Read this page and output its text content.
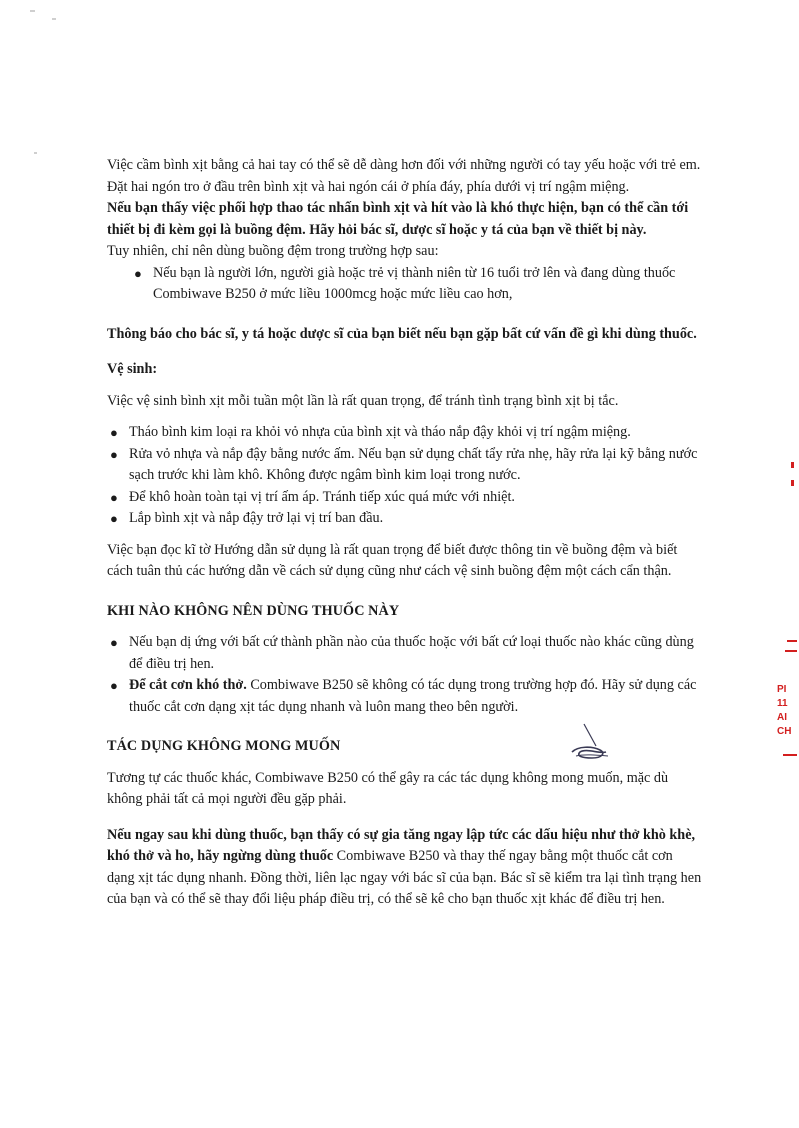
PI
11
AI
CH

Việc cầm bình xịt bằng cả hai tay có thể sẽ dễ dàng hơn đối với những người có tay yếu hoặc với trẻ em. Đặt hai ngón tro ở đầu trên bình xịt và hai ngón cái ở phía đáy, phía dưới vị trí ngậm miệng.

Nếu bạn thấy việc phối hợp thao tác nhấn bình xịt và hít vào là khó thực hiện, bạn có thể cần tới thiết bị đi kèm gọi là buồng đệm. Hãy hỏi bác sĩ, dược sĩ hoặc y tá của bạn về thiết bị này.

Tuy nhiên, chỉ nên dùng buồng đệm trong trường hợp sau:

● Nếu bạn là người lớn, người già hoặc trẻ vị thành niên từ 16 tuổi trở lên và đang dùng thuốc Combiwave B250 ở mức liều 1000mcg hoặc mức liều cao hơn,

Thông báo cho bác sĩ, y tá hoặc dược sĩ của bạn biết nếu bạn gặp bất cứ vấn đề gì khi dùng thuốc.

Vệ sinh:

Việc vệ sinh bình xịt mỗi tuần một lần là rất quan trọng, để tránh tình trạng bình xịt bị tắc.

● Tháo bình kim loại ra khỏi vỏ nhựa của bình xịt và tháo nắp đậy khỏi vị trí ngậm miệng.
● Rửa vỏ nhựa và nắp đậy bằng nước ấm. Nếu bạn sử dụng chất tẩy rửa nhẹ, hãy rửa lại kỹ bằng nước sạch trước khi làm khô. Không được ngâm bình kim loại trong nước.
● Để khô hoàn toàn tại vị trí ấm áp. Tránh tiếp xúc quá mức với nhiệt.
● Lắp bình xịt và nắp đậy trở lại vị trí ban đầu.

Việc bạn đọc kĩ tờ Hướng dẫn sử dụng là rất quan trọng để biết được thông tin về buồng đệm và biết cách tuân thủ các hướng dẫn về cách sử dụng cũng như cách vệ sinh buồng đệm một cách cẩn thận.

KHI NÀO KHÔNG NÊN DÙNG THUỐC NÀY

● Nếu bạn dị ứng với bất cứ thành phần nào của thuốc hoặc với bất cứ loại thuốc nào khác cũng dùng để điều trị hen.
● Để cắt cơn khó thở. Combiwave B250 sẽ không có tác dụng trong trường hợp đó. Hãy sử dụng các thuốc cắt cơn dạng xịt tác dụng nhanh và luôn mang theo bên người.

TÁC DỤNG KHÔNG MONG MUỐN

Tương tự các thuốc khác, Combiwave B250 có thể gây ra các tác dụng không mong muốn, mặc dù không phải tất cả mọi người đều gặp phải.

Nếu ngay sau khi dùng thuốc, bạn thấy có sự gia tăng ngay lập tức các dấu hiệu như thở khò khè, khó thở và ho, hãy ngừng dùng thuốc Combiwave B250 và thay thế ngay bằng một thuốc cắt cơn dạng xịt tác dụng nhanh. Đồng thời, liên lạc ngay với bác sĩ của bạn. Bác sĩ sẽ kiểm tra lại tình trạng hen của bạn và có thể sẽ thay đổi liệu pháp điều trị, có thể sẽ kê cho bạn thuốc xịt khác để điều trị hen.
